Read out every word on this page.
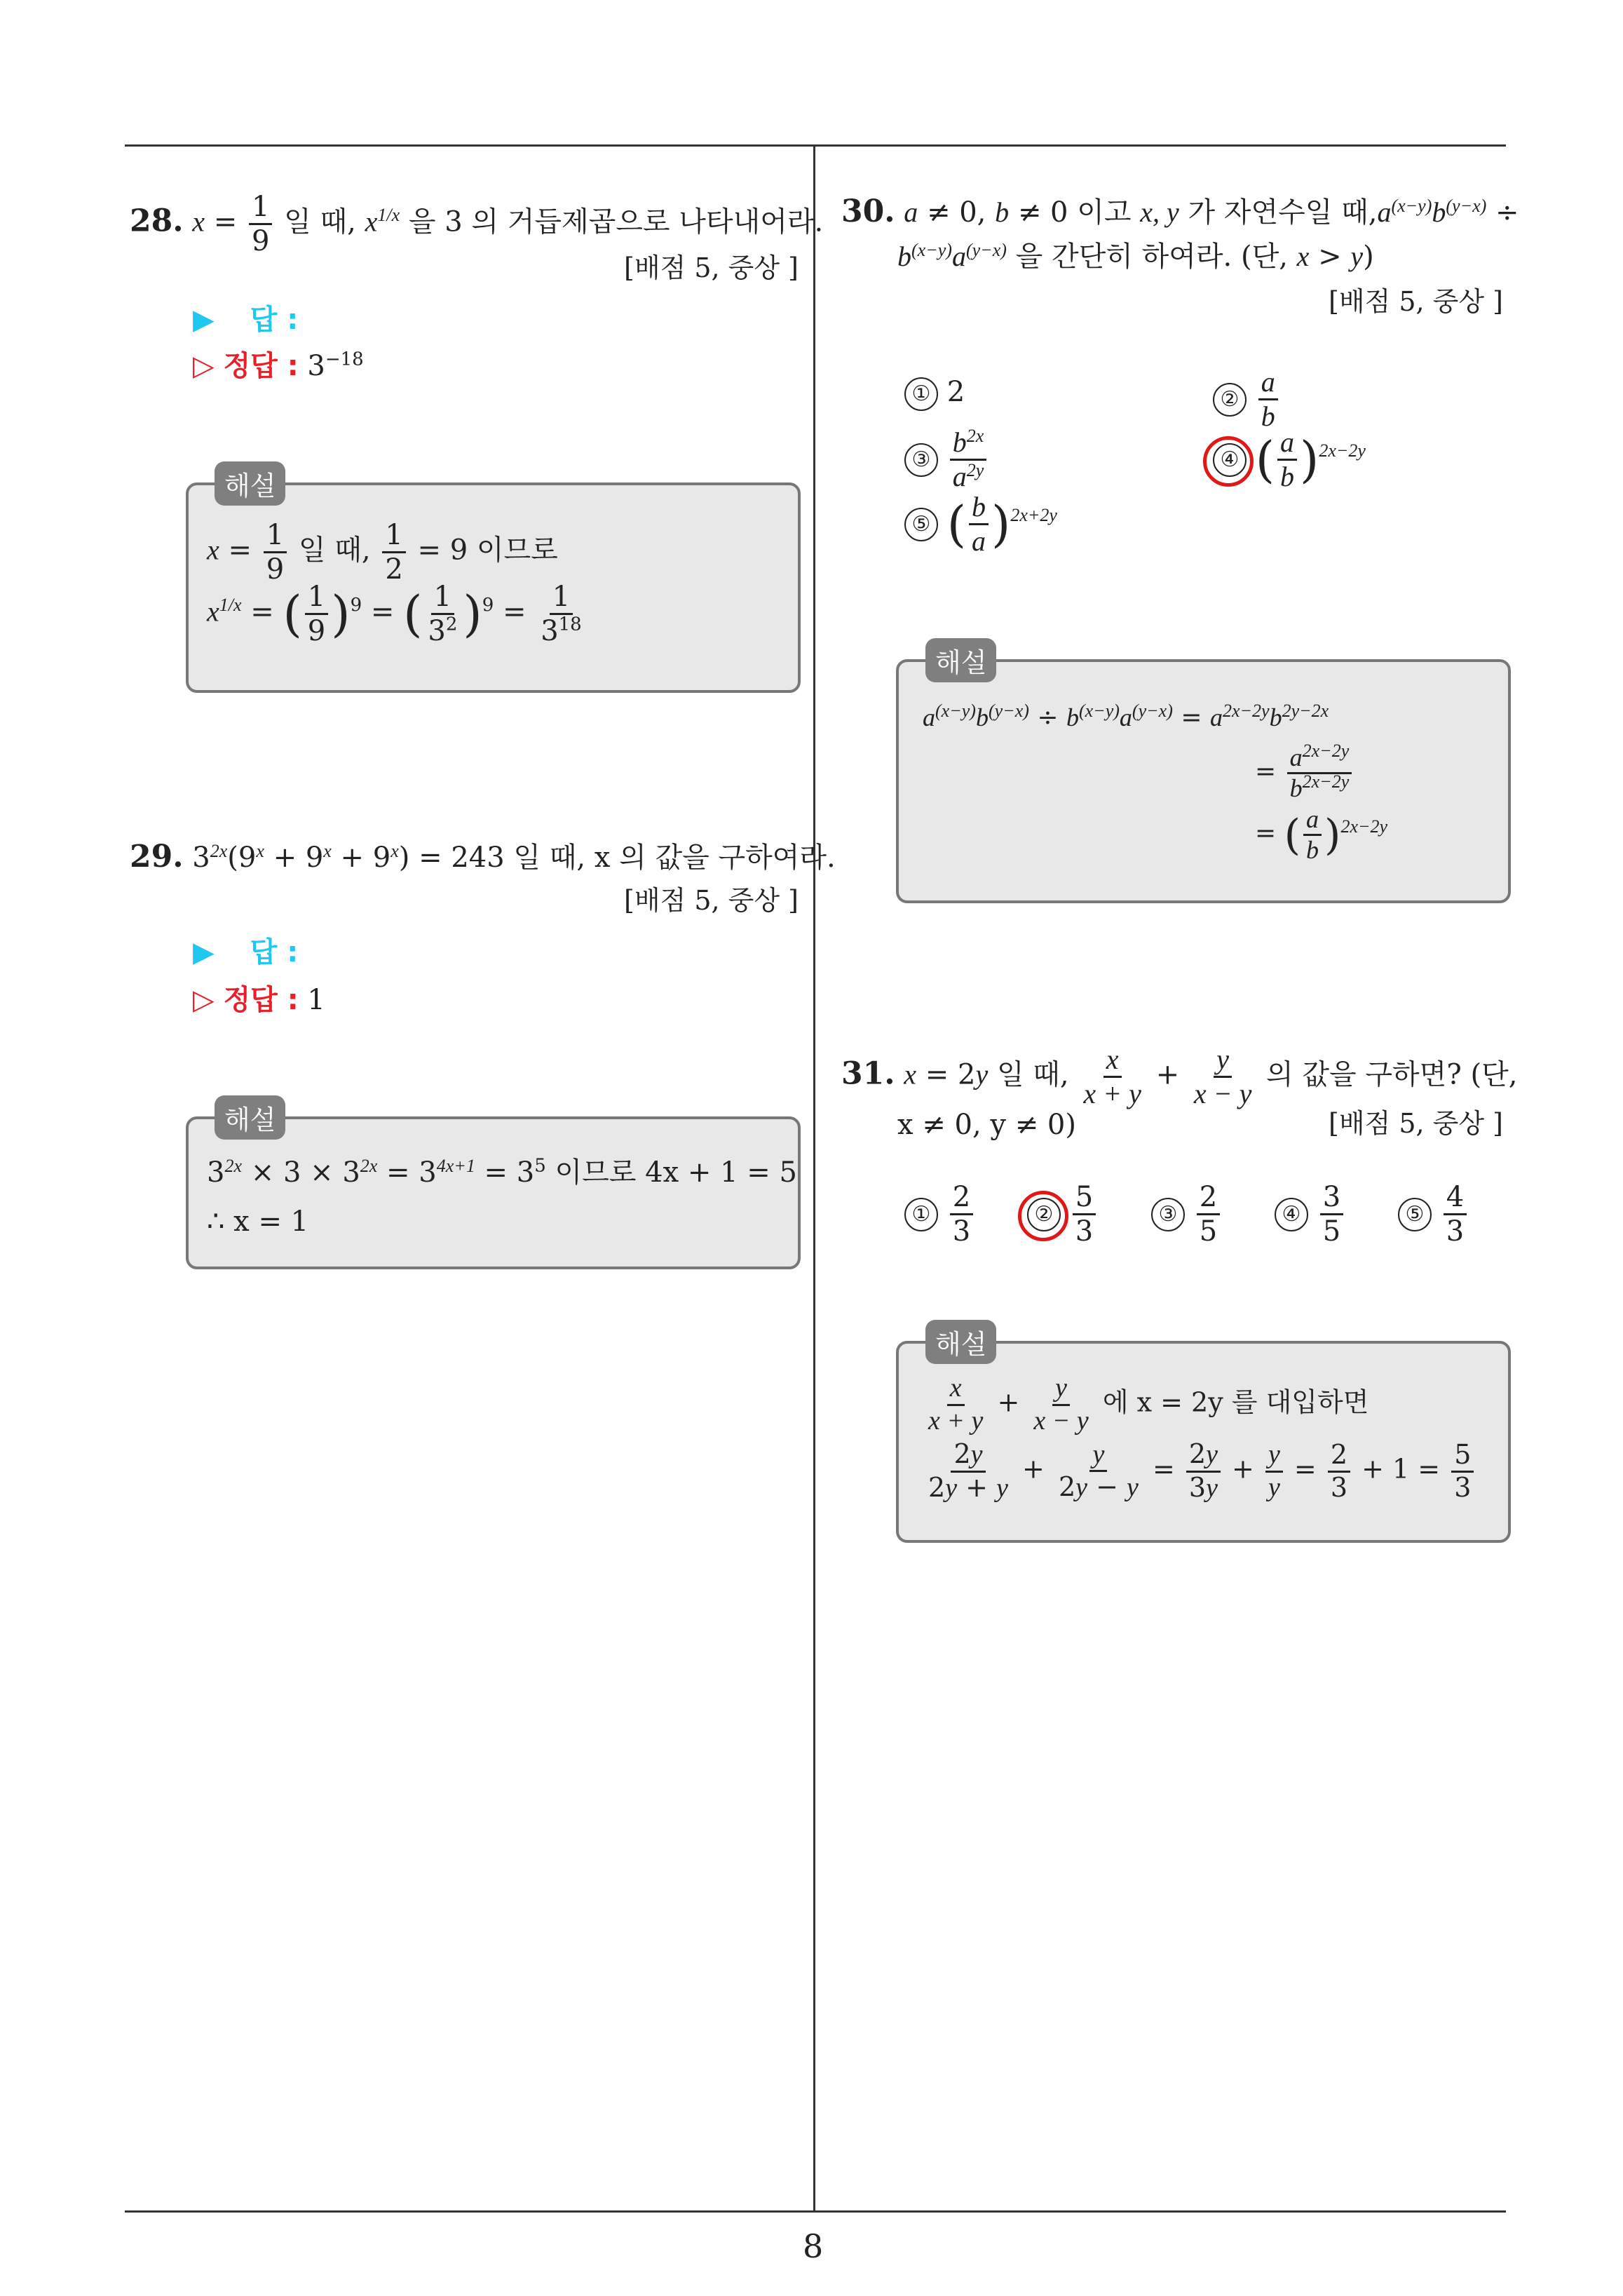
8
28. $x = \frac{1}{9}$ 일 때, $x^{1/x}$ 을 3 의 거듭제곱으로 나타내어라.
[배점 5, 중상 ]
▶ 답 :
▷ 정답 : $3^{-18}$
해설
$x = \frac{1}{9}$ 일 때, $\frac{1}{2} = 9$ 이므로
$x^{1/x}$ = ( $\frac{1}{9} )^9$ = ( $\frac{1}{3^2} )^9 = \frac{1}{3^{18}}$
29. $3^{2x}(9^x + 9^x + 9^x) = 243$ 일 때, x 의 값을 구하여라.
[배점 5, 중상 ]
▶ 답 :
▷ 정답 : 1
해설
$3^{2x} \times 3 \times 3^{2x} = 3^{4x+1} = 3^5$ 이므로 4x + 1 = 5
∴ x = 1
30. a ≠ 0, b ≠ 0 이고 x, y 가 자연수일 때$,a^{(x-y)}b^{(y-x)}$ ÷
$b^{(x-y)}a^{(y-x)}$ 을 간단히 하여라. (단, x > y)
[배점 5, 중상 ]
① 2	② $\frac{a}{b}$
③ $\frac{b^{2x}}{a^{2y}}$	④ ( $\frac{a}{b} )^{2x-2y}$
⑤ ( $\frac{b}{a} )^{2x+2y}$
해설
$a^{(x-y)}b^{(y-x)} \div b^{(x-y)}a^{(y-x)} = a^{2x-2y}b^{2y-2x}$
= $\frac{a^{2x-2y}}{b^{2x-2y}}$
= ( $\frac{a}{b} )^{2x-2y}$
31. x = 2y 일 때, $\frac{x}{x + y} + \frac{y}{x - y}$ 의 값을 구하면? (단,
x ≠ 0, y ≠ 0)	[배점 5, 중상 ]
① $\frac{2}{3}$	② $\frac{5}{3}$	③ $\frac{2}{5}$	④ $\frac{3}{5}$	⑤ $\frac{4}{3}$
해설
$\frac{x}{x + y} + \frac{y}{x - y}$ 에 x = 2y 를 대입하면
$\frac{2y}{2y + y} + \frac{y}{2y - y} = \frac{2y}{3y} + \frac{y}{y} = \frac{2}{3} + 1 = \frac{5}{3}$
